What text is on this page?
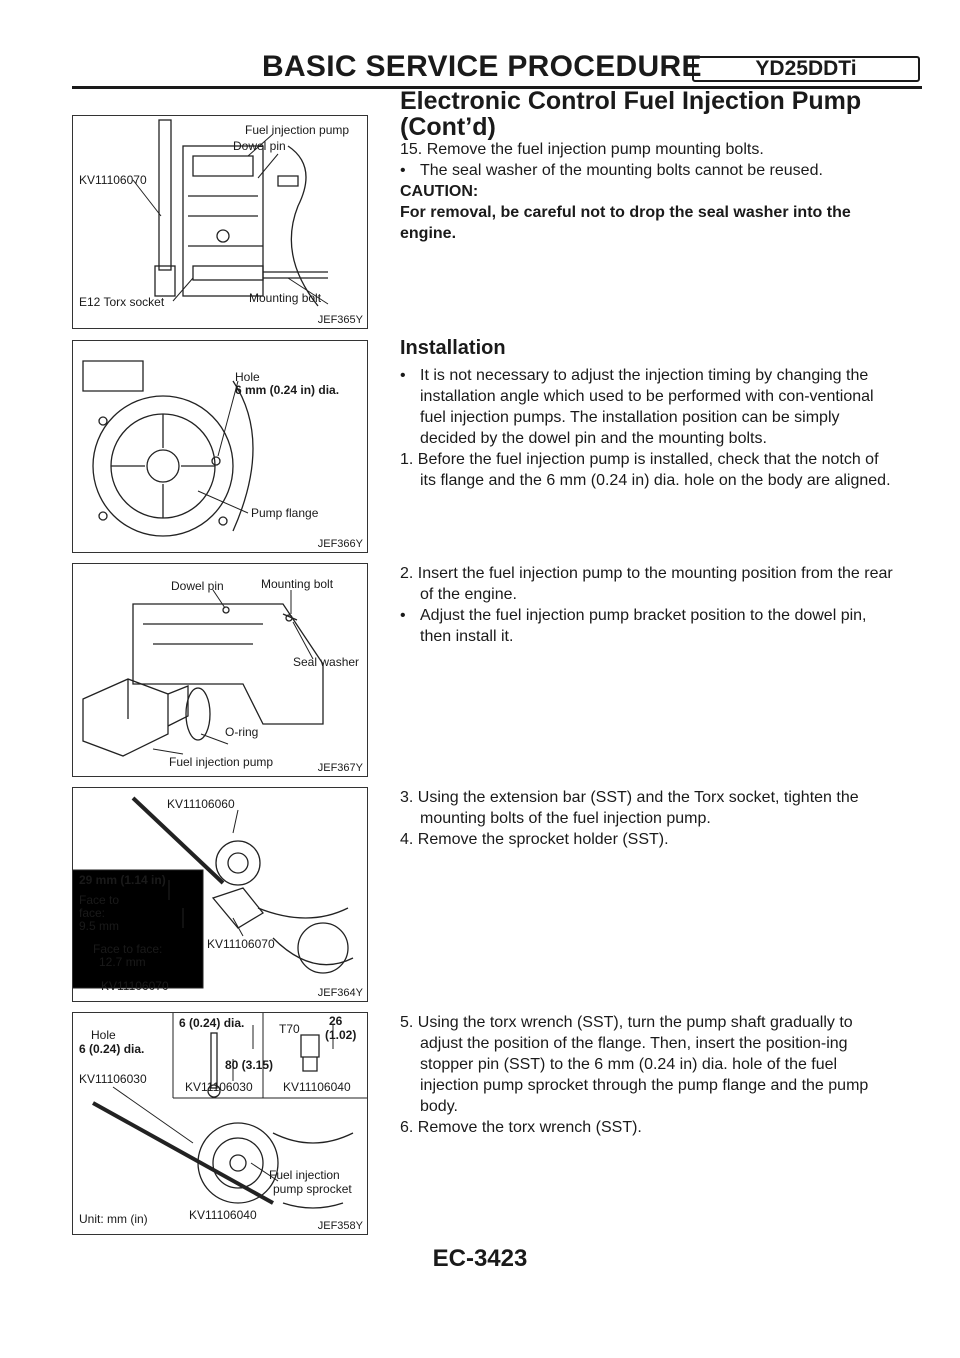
BASIC SERVICE PROCEDURE	YD25DDTi
Electronic Control Fuel Injection Pump
(Cont’d)
Fuel injection pump
Dowel pin
KV11106070
E12 Torx socket	Mounting bolt
JEF365Y
Hole
6 mm (0.24 in) dia.
Pump flange
JEF366Y
Dowel pin	Mounting bolt
Seal washer
O-ring
Fuel injection pump	JEF367Y
KV11106060
29 mm (1.14 in)
Face to
face:
9.5 mm
Face to face:
12.7 mm
KV11106070
KV11106070
JEF364Y
Hole
6 (0.24) dia.
6 (0.24) dia.
80 (3.15)
KV11106030
T70
26
(1.02)
KV11106040
KV11106030
Fuel injection
pump sprocket
Unit: mm (in)	KV11106040
JEF358Y

15. Remove the fuel injection pump mounting bolts.

• The seal washer of the mounting bolts cannot be reused.

CAUTION:

For removal, be careful not to drop the seal washer into the engine.

Installation

• It is not necessary to adjust the injection timing by changing the installation angle which used to be performed with con-ventional fuel injection pumps. The installation position can be simply decided by the dowel pin and the mounting bolts.

1. Before the fuel injection pump is installed, check that the notch of its flange and the 6 mm (0.24 in) dia. hole on the body are aligned.

2. Insert the fuel injection pump to the mounting position from the rear of the engine.

• Adjust the fuel injection pump bracket position to the dowel pin, then install it.

3. Using the extension bar (SST) and the Torx socket, tighten the mounting bolts of the fuel injection pump.

4. Remove the sprocket holder (SST).

5. Using the torx wrench (SST), turn the pump shaft gradually to adjust the position of the flange. Then, insert the position-ing stopper pin (SST) to the 6 mm (0.24 in) dia. hole of the fuel injection pump sprocket through the pump flange and the pump body.

6. Remove the torx wrench (SST).

EC-3423
